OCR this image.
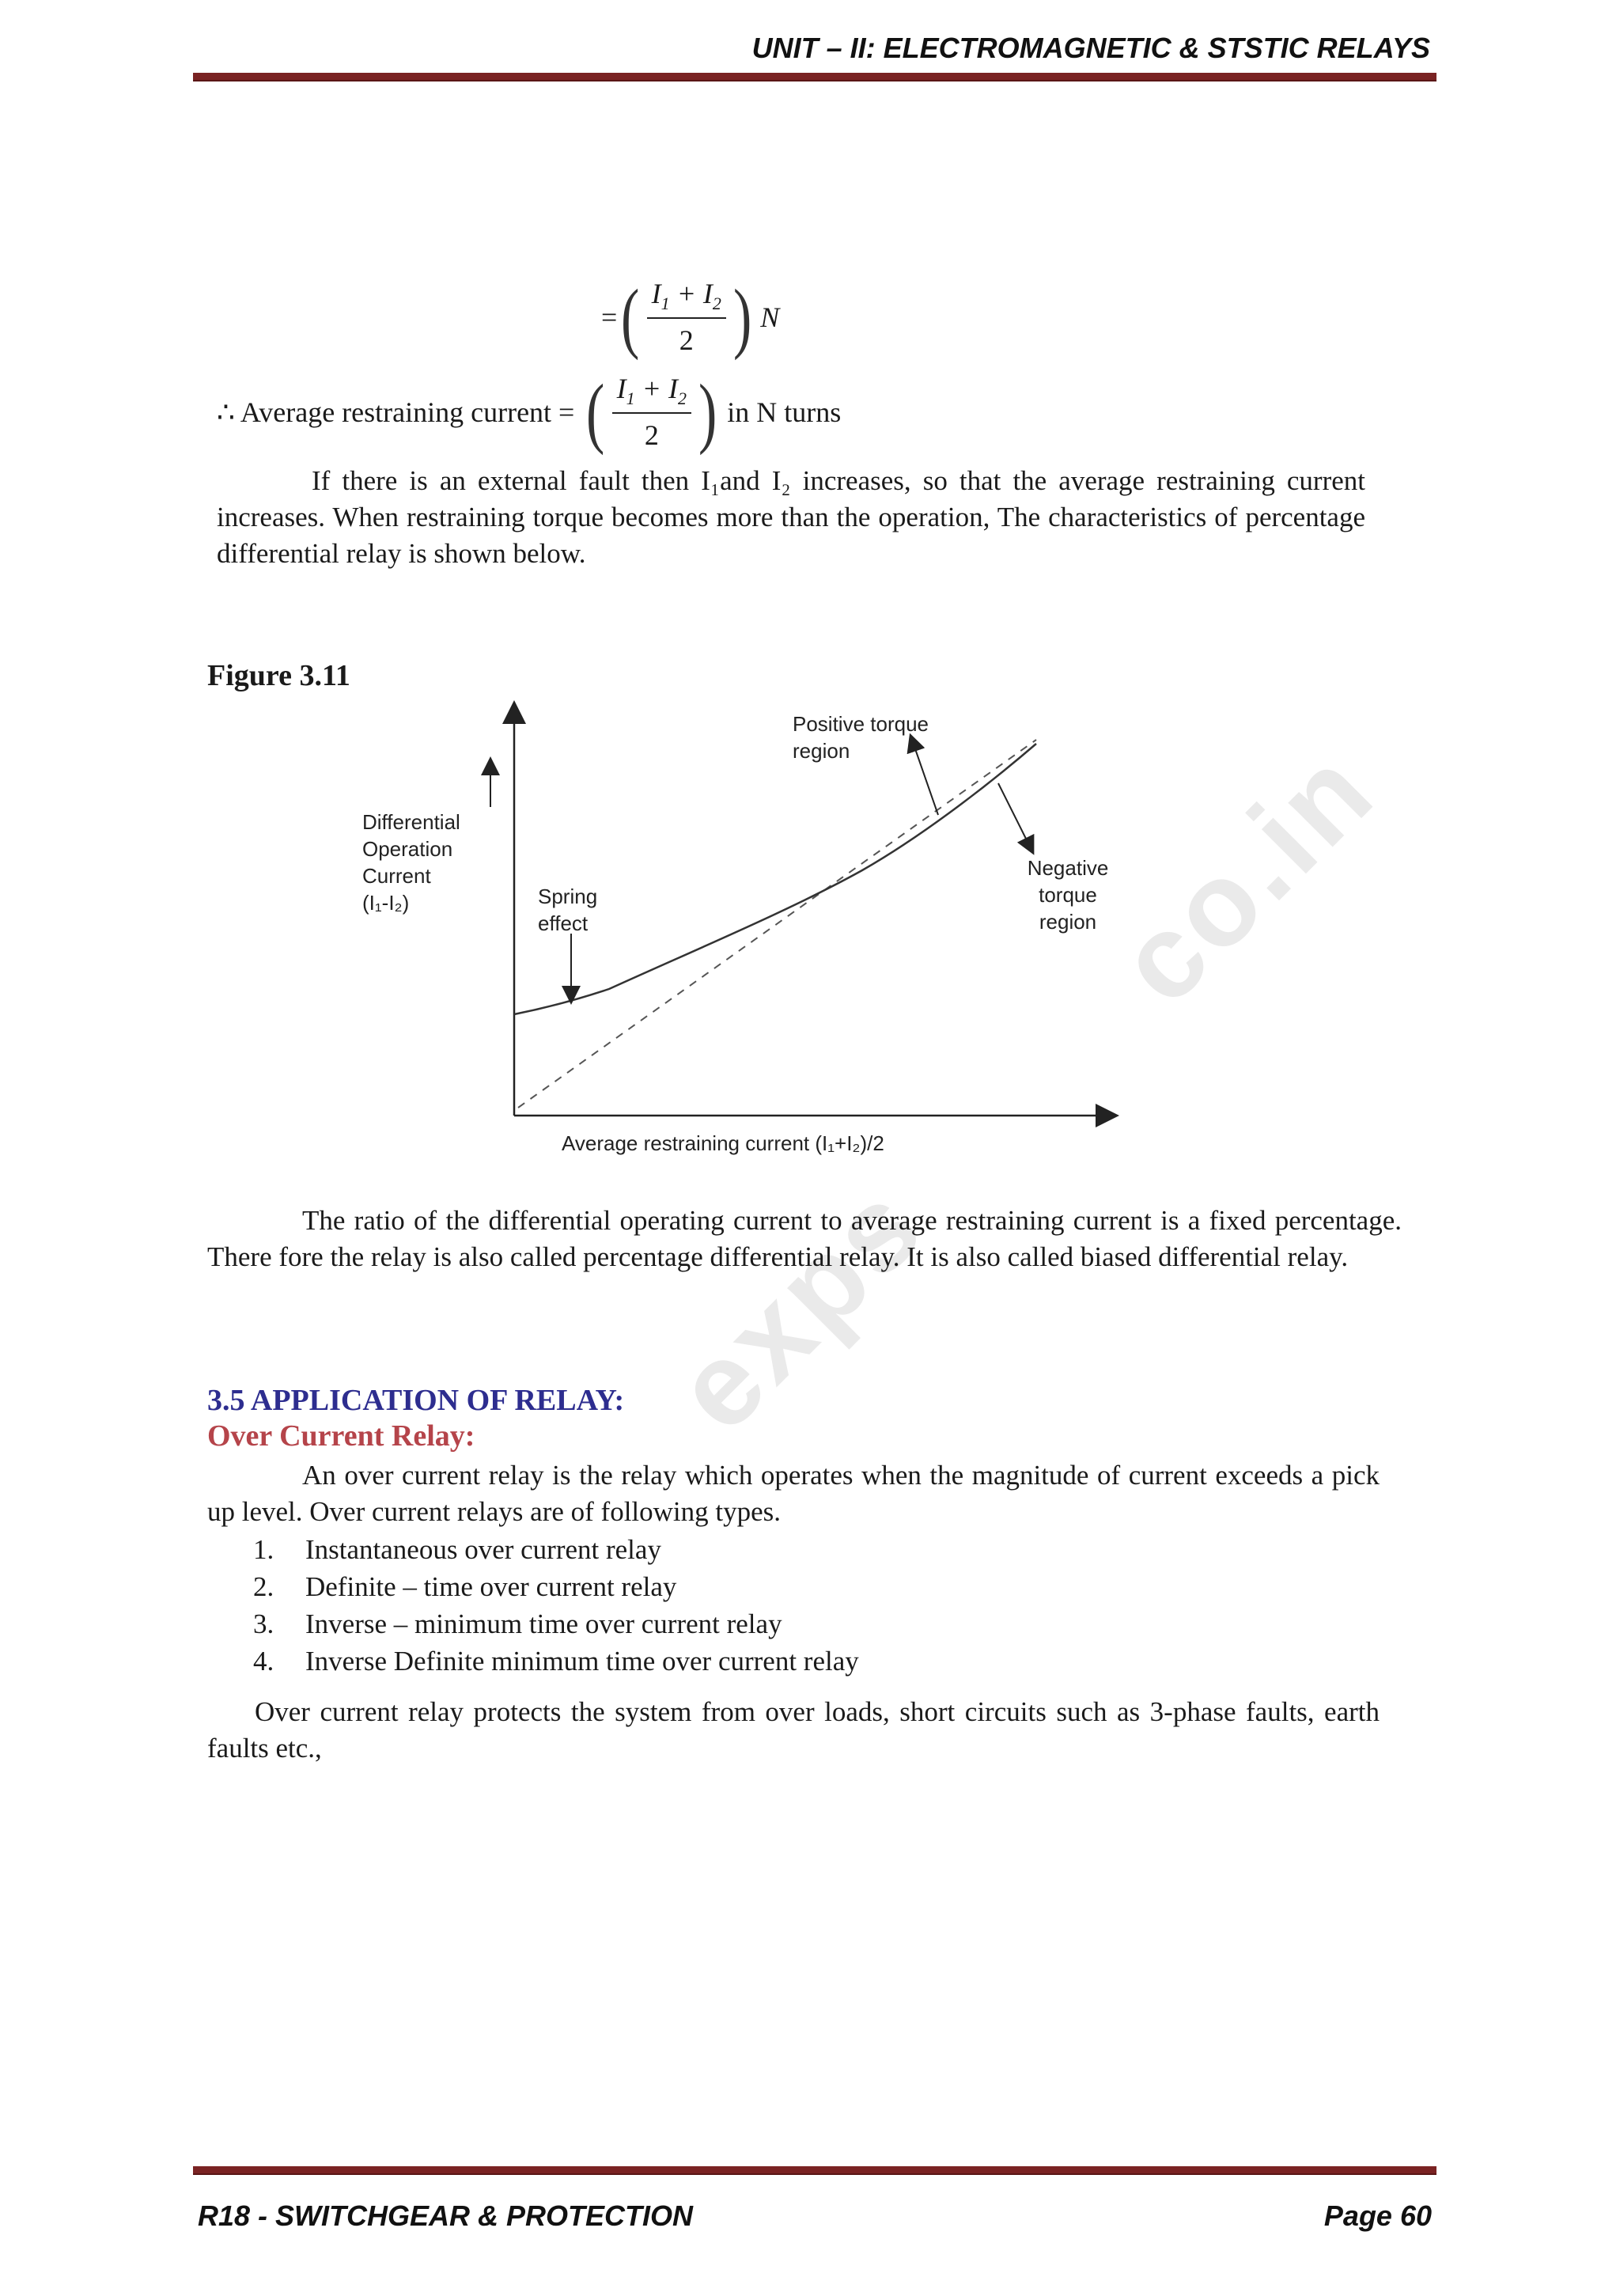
UNIT – II: ELECTROMAGNETIC & STSTIC RELAYS
exps
co.in
= ( $\frac{I_1 + I_2}{2}$ ) N
∴ Average restraining current = ( $\frac{I_1 + I_2}{2}$ ) in N turns

If there is an external fault then I₁and I₂ increases, so that the average restraining current increases. When restraining torque becomes more than the operation, The characteristics of percentage differential relay is shown below.

Figure 3.11

Differential
Operation
Current
(I₁-I₂)	Spring
effect

Positive torque
region

Negative torque
region

Average restraining current (I₁+I₂)/2

The ratio of the differential operating current to average restraining current is a fixed percentage. There fore the relay is also called percentage differential relay. It is also called biased differential relay.

3.5 APPLICATION OF RELAY:
Over Current Relay:

An over current relay is the relay which operates when the magnitude of current exceeds a pick up level. Over current relays are of following types.

1.	Instantaneous over current relay
2.	Definite – time over current relay
3.	Inverse – minimum time over current relay
4.	Inverse Definite minimum time over current relay

Over current relay protects the system from over loads, short circuits such as 3-phase faults, earth faults etc.,

R18 - SWITCHGEAR & PROTECTION	Page 60
